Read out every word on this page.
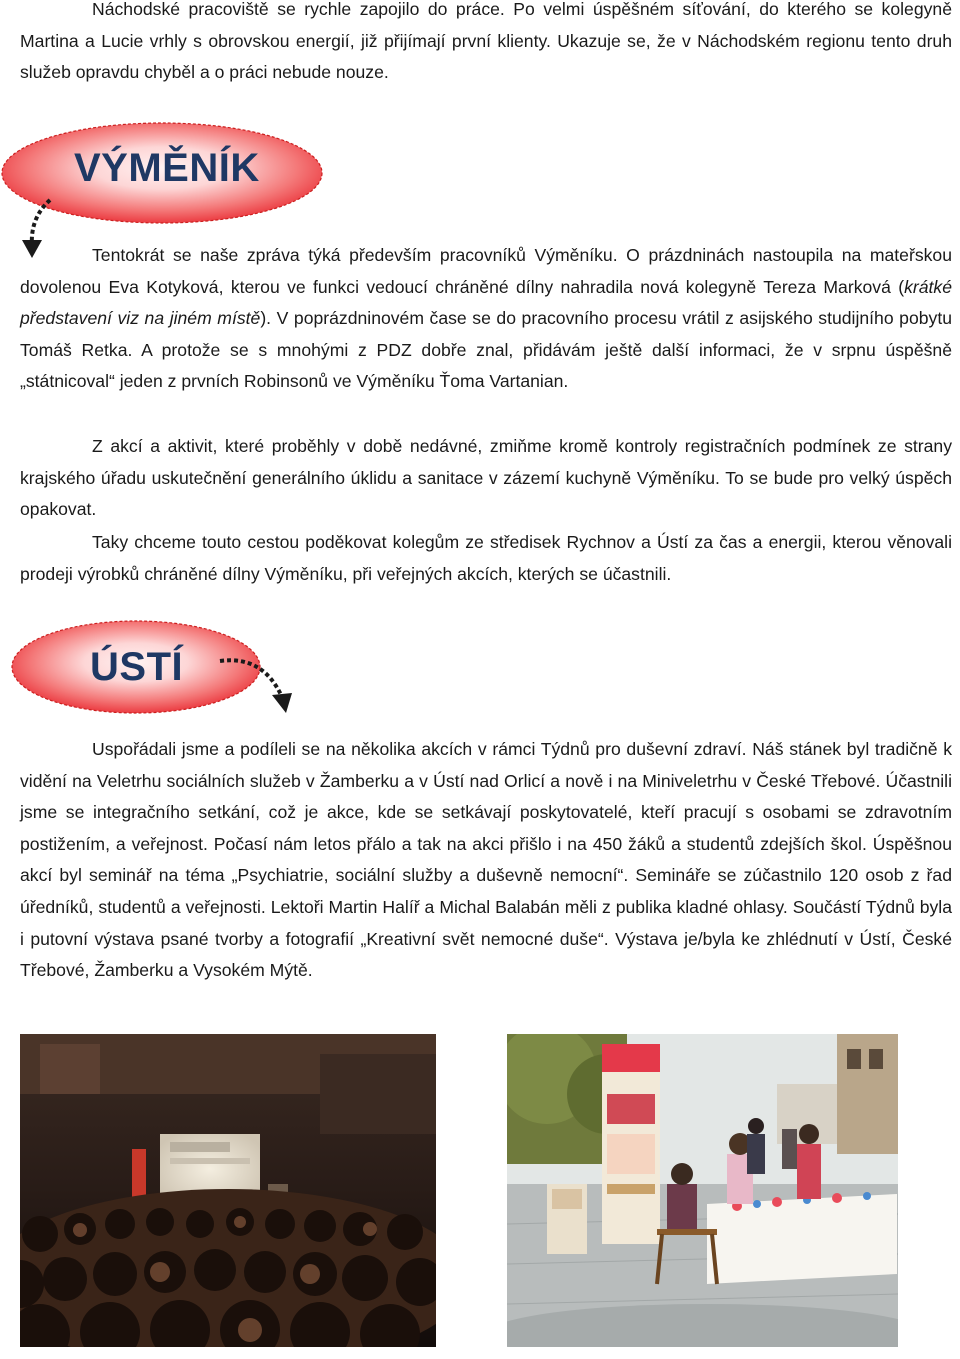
Náchodské pracoviště se rychle zapojilo do práce. Po velmi úspěšném síťování, do kterého se kolegyně Martina a Lucie vrhly s obrovskou energií, již přijímají první klienty. Ukazuje se, že v Náchodském regionu tento druh služeb opravdu chyběl a o práci nebude nouze.

VÝMĚNÍK

Tentokrát se naše zpráva týká především pracovníků Výměníku. O prázdninách nastoupila na mateřskou dovolenou Eva Kotyková, kterou ve funkci vedoucí chráněné dílny nahradila nová kolegyně Tereza Marková (krátké představení viz na jiném místě). V poprázdninovém čase se do pracovního procesu vrátil z asijského studijního pobytu Tomáš Retka. A protože se s mnohými z PDZ dobře znal, přidávám ještě další informaci, že v srpnu úspěšně „státnicoval“ jeden z prvních Robinsonů ve Výměníku Ťoma Vartanian.

Z akcí a aktivit, které proběhly v době nedávné, zmiňme kromě kontroly registračních podmínek ze strany krajského úřadu uskutečnění generálního úklidu a sanitace v zázemí kuchyně Výměníku. To se bude pro velký úspěch opakovat.

Taky chceme touto cestou poděkovat kolegům ze středisek Rychnov a Ústí za čas a energii, kterou věnovali prodeji výrobků chráněné dílny Výměníku, při veřejných akcích, kterých se účastnili.

ÚSTÍ

Uspořádali jsme a podíleli se na několika akcích v rámci Týdnů pro duševní zdraví. Náš stánek byl tradičně k vidění na Veletrhu sociálních služeb v Žamberku a v Ústí nad Orlicí a nově i na Miniveletrhu v České Třebové. Účastnili jsme se integračního setkání, což je akce, kde se setkávají poskytovatelé, kteří pracují s osobami se zdravotním postižením, a veřejnost. Počasí nám letos přálo a tak na akci přišlo i na 450 žáků a studentů zdejších škol. Úspěšnou akcí byl seminář na téma „Psychiatrie, sociální služby a duševně nemocní“. Semináře se zúčastnilo 120 osob z řad úředníků, studentů a veřejnosti. Lektoři Martin Halíř a Michal Balabán měli z publika kladné ohlasy. Součástí Týdnů byla i putovní výstava psané tvorby a fotografií „Kreativní svět nemocné duše“. Výstava je/byla ke zhlédnutí v Ústí, České Třebové, Žamberku a Vysokém Mýtě.
